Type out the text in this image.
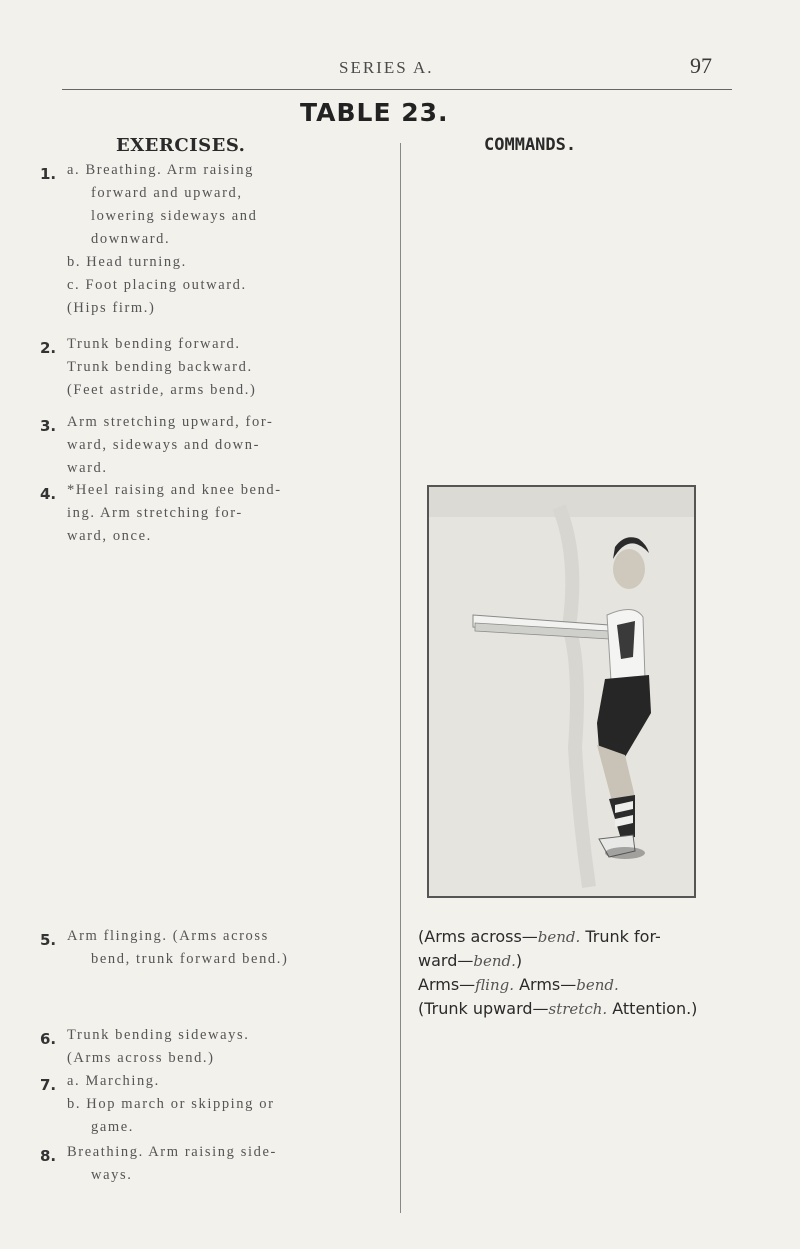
SERIES A.	97
TABLE 23.
EXERCISES.	COMMANDS.
1. a. Breathing. Arm raising
forward and upward,
lowering sideways and
downward.
b. Head turning.
c. Foot placing outward.
(Hips firm.)
2. Trunk bending forward.
Trunk bending backward.
(Feet astride, arms bend.)
3. Arm stretching upward, for-
ward, sideways and down-
ward.
4. *Heel raising and knee bend-
ing. Arm stretching for-
ward, once.
5. Arm flinging. (Arms across
bend, trunk forward bend.)
6. Trunk bending sideways.
(Arms across bend.)
7. a. Marching.
b. Hop march or skipping or
game.
8. Breathing. Arm raising side-
ways.
(Arms across—bend. Trunk for-
ward—bend.)
Arms—fling. Arms—bend.
(Trunk upward—stretch. Attention.)
